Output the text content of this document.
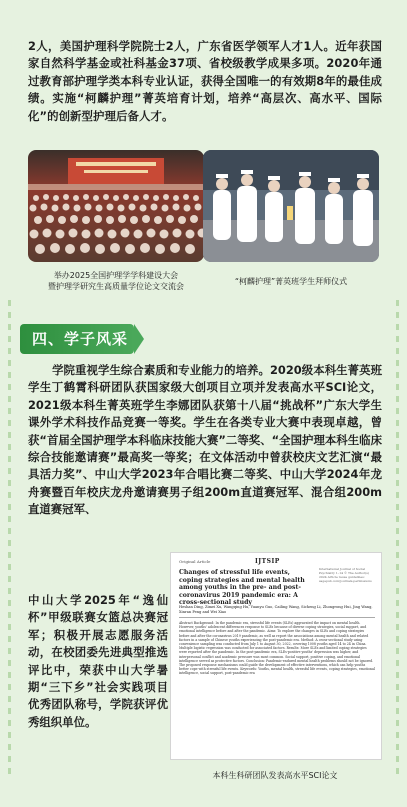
2人，美国护理科学院院士2人，广东省医学领军人才1人。近年获国家自然科学基金或社科基金37项、省校级教学成果多项。2020年通过教育部护理学类本科专业认证，获得全国唯一的有效期8年的最佳成绩。实施“柯麟护理”菁英培育计划，培养“高层次、高水平、国际化”的创新型护理后备人才。

举办2025全国护理学学科建设大会
暨护理学研究生高质量学位论文交流会
“柯麟护理”菁英班学生拜师仪式
四、学子风采

学院重视学生综合素质和专业能力的培养。2020级本科生菁英班学生丁鹤霄科研团队获国家级大创项目立项并发表高水平SCI论文，2021级本科生菁英班学生李娜团队获第十八届“挑战杯”广东大学生课外学术科技作品竞赛一等奖。学生在各类专业大赛中表现卓越，曾获“首届全国护理学本科临床技能大赛”二等奖、“全国护理本科生临床综合技能邀请赛”最高奖一等奖；在文体活动中曾获校庆文艺汇演“最具活力奖”、中山大学2023年合唱比赛二等奖、中山大学2024年龙舟赛暨百年校庆龙舟邀请赛男子组200m直道赛冠军、混合组200m直道赛冠军、

中山大学2025年“逸仙杯”甲级联赛女篮总决赛冠军；积极开展志愿服务活动，在校团委先进典型推选评比中，荣获中山大学暑期“三下乡”社会实践项目优秀团队称号，学院获评优秀组织单位。

Original Article	IJTSIP
International Journal of Social Psychiatry 1–14 © The Author(s) 2024 Article reuse guidelines: sagepub.com/journals-permissions
Changes of stressful life events, coping strategies and mental health among youths in the pre- and post-coronavirus 2019 pandemic era: A cross-sectional study
Heshan Ding, Zimei Xu, Wangqing Hu, Yuanyu Guo, Cailing Wang, Sicheng Li, Zhongrong Hui, Jing Wang, Xinran Peng and Wei Xiao
Abstract Background: In the pandemic era, stressful life events (SLEs) aggravated the impact on mental health. However, youths' adolescent differences response to SLEs because of diverse coping strategies, social support, and emotional intelligence before and after the pandemic. Aims: To explore the changes in SLEs and coping strategies before and after the coronavirus 2019 pandemic, as well as report the associations among mental health and related factors in a sample of Chinese youths experiencing the post-pandemic era. Method: A cross-sectional study using convenience sampling was conducted from July 1 to August 30, 2022, covering 1008 youths aged 14 to 24 in China. Multiple logistic regression was conducted for associated factors. Results: More SLEs and limited coping strategies were reported after the pandemic. In the post-pandemic era, SLEs-positive youths' depression was higher, and interpersonal conflict and academic pressure was most common. Social support, positive coping, and emotional intelligence served as protective factors. Conclusion: Pandemic-endured mental health problems should not be ignored. The proposed response mechanisms could guide the development of effective interventions, which can help youths better cope with stressful life events. Keywords: Youths, mental health, stressful life events, coping strategies, emotional intelligence, social support, post-pandemic era
本科生科研团队发表高水平SCI论文
